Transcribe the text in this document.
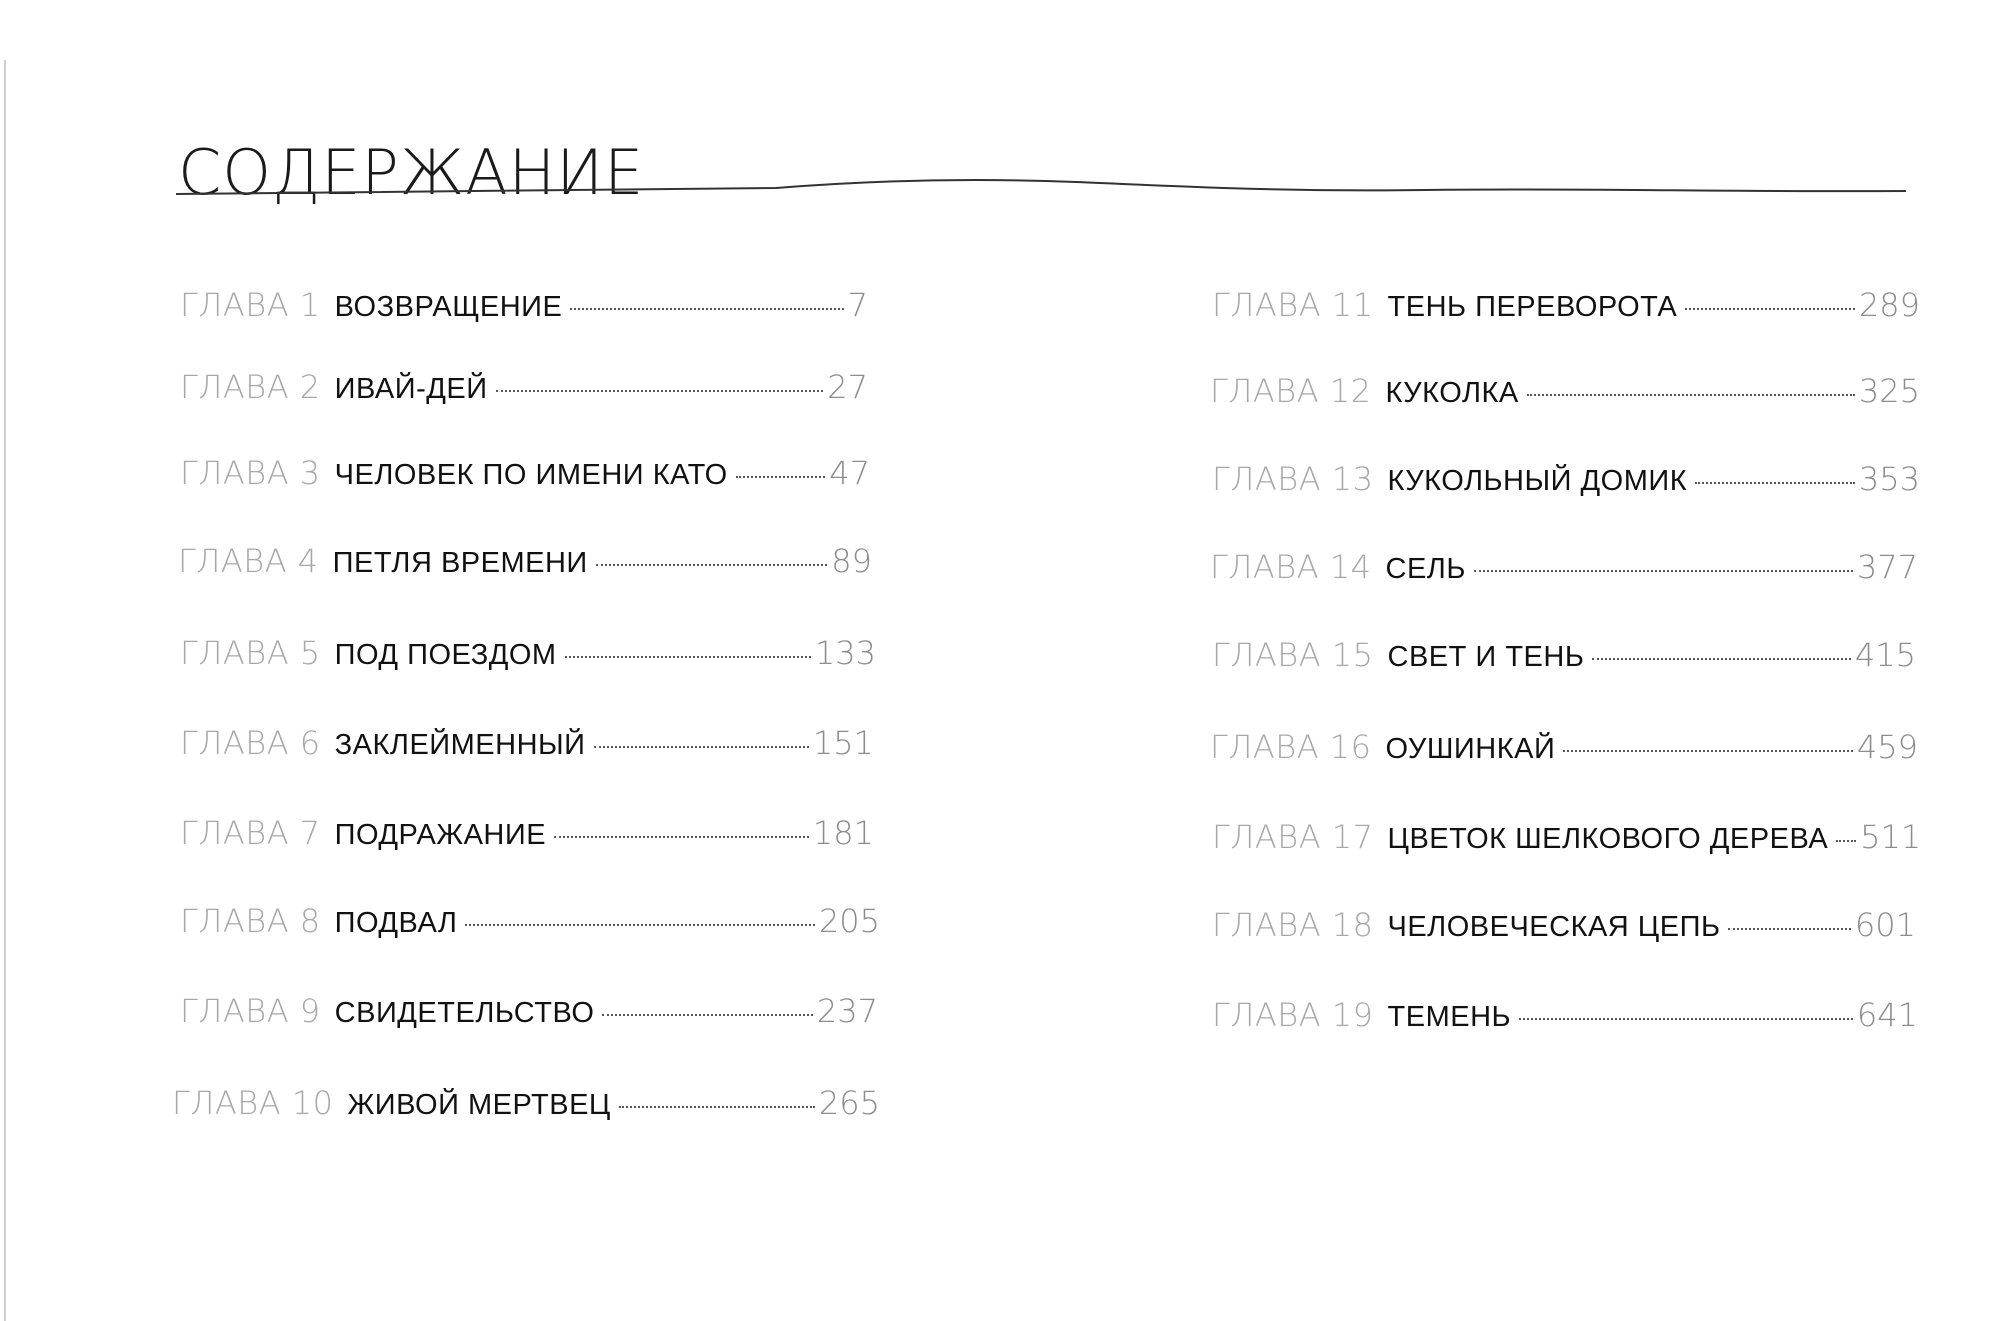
СОДЕРЖАНИЕ
ГЛАВА 1 ВОЗВРАЩЕНИЕ	7
ГЛАВА 2 ИВАЙ-ДЕЙ	27
ГЛАВА 3 ЧЕЛОВЕК ПО ИМЕНИ КАТО	47
ГЛАВА 4 ПЕТЛЯ ВРЕМЕНИ	89
ГЛАВА 5 ПОД ПОЕЗДОМ	133
ГЛАВА 6 ЗАКЛЕЙМЕННЫЙ	151
ГЛАВА 7 ПОДРАЖАНИЕ	181
ГЛАВА 8 ПОДВАЛ	205
ГЛАВА 9 СВИДЕТЕЛЬСТВО	237
ГЛАВА 10 ЖИВОЙ МЕРТВЕЦ	265
ГЛАВА 11 ТЕНЬ ПЕРЕВОРОТА	289
ГЛАВА 12 КУКОЛКА	325
ГЛАВА 13 КУКОЛЬНЫЙ ДОМИК	353
ГЛАВА 14 СЕЛЬ	377
ГЛАВА 15 СВЕТ И ТЕНЬ	415
ГЛАВА 16 ОУШИНКАЙ	459
ГЛАВА 17 ЦВЕТОК ШЕЛКОВОГО ДЕРЕВА 511
ГЛАВА 18 ЧЕЛОВЕЧЕСКАЯ ЦЕПЬ	601
ГЛАВА 19 ТЕМЕНЬ	641
